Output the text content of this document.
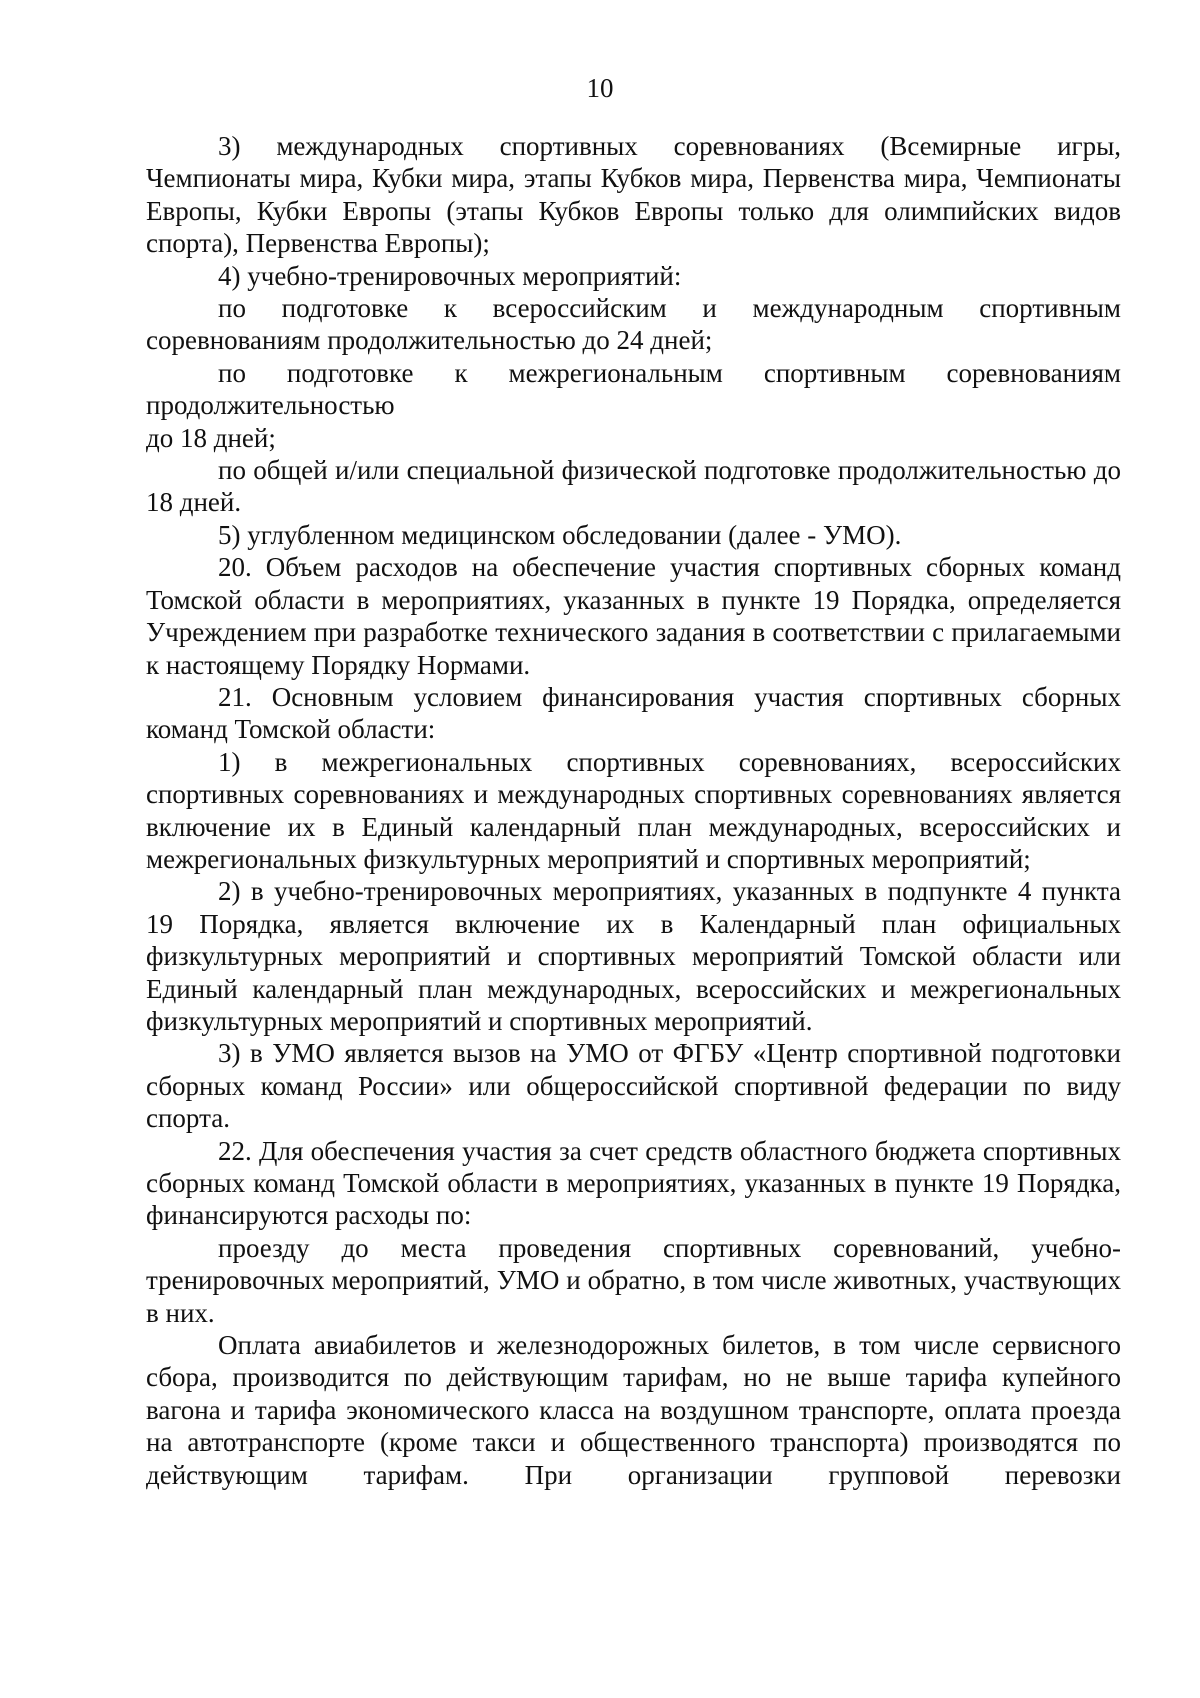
10

3) международных спортивных соревнованиях (Всемирные игры, Чемпионаты мира, Кубки мира, этапы Кубков мира, Первенства мира, Чемпионаты Европы, Кубки Европы (этапы Кубков Европы только для олимпийских видов спорта), Первенства Европы);

4) учебно-тренировочных мероприятий:

по подготовке к всероссийским и международным спортивным соревнованиям продолжительностью до 24 дней;

по подготовке к межрегиональным спортивным соревнованиям продолжительностью

до 18 дней;

по общей и/или специальной физической подготовке продолжительностью до 18 дней.

5) углубленном медицинском обследовании (далее - УМО).

20. Объем расходов на обеспечение участия спортивных сборных команд Томской области в мероприятиях, указанных в пункте 19 Порядка, определяется Учреждением при разработке технического задания в соответствии с прилагаемыми к настоящему Порядку Нормами.

21. Основным условием финансирования участия спортивных сборных команд Томской области:

1) в межрегиональных спортивных соревнованиях, всероссийских спортивных соревнованиях и международных спортивных соревнованиях является включение их в Единый календарный план международных, всероссийских и межрегиональных физкультурных мероприятий и спортивных мероприятий;

2) в учебно-тренировочных мероприятиях, указанных в подпункте 4 пункта 19 Порядка, является включение их в Календарный план официальных физкультурных мероприятий и спортивных мероприятий Томской области или Единый календарный план международных, всероссийских и межрегиональных физкультурных мероприятий и спортивных мероприятий.

3) в УМО является вызов на УМО от ФГБУ «Центр спортивной подготовки сборных команд России» или общероссийской спортивной федерации по виду спорта.

22. Для обеспечения участия за счет средств областного бюджета спортивных сборных команд Томской области в мероприятиях, указанных в пункте 19 Порядка, финансируются расходы по:

проезду до места проведения спортивных соревнований, учебно-тренировочных мероприятий, УМО и обратно, в том числе животных, участвующих в них.

Оплата авиабилетов и железнодорожных билетов, в том числе сервисного сбора, производится по действующим тарифам, но не выше тарифа купейного вагона и тарифа экономического класса на воздушном транспорте, оплата проезда на автотранспорте (кроме такси и общественного транспорта) производятся по действующим тарифам. При организации групповой перевозки
